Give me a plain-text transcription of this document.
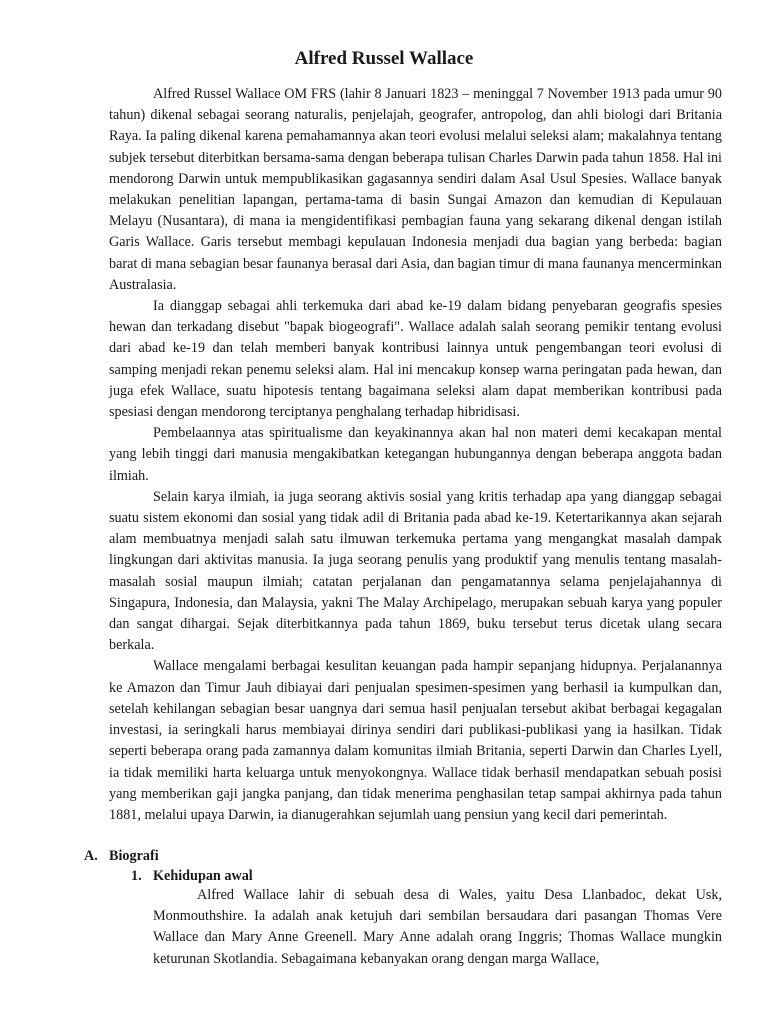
Alfred Russel Wallace

Alfred Russel Wallace OM FRS (lahir 8 Januari 1823 – meninggal 7 November 1913 pada umur 90 tahun) dikenal sebagai seorang naturalis, penjelajah, geografer, antropolog, dan ahli biologi dari Britania Raya. Ia paling dikenal karena pemahamannya akan teori evolusi melalui seleksi alam; makalahnya tentang subjek tersebut diterbitkan bersama-sama dengan beberapa tulisan Charles Darwin pada tahun 1858. Hal ini mendorong Darwin untuk mempublikasikan gagasannya sendiri dalam Asal Usul Spesies. Wallace banyak melakukan penelitian lapangan, pertama-tama di basin Sungai Amazon dan kemudian di Kepulauan Melayu (Nusantara), di mana ia mengidentifikasi pembagian fauna yang sekarang dikenal dengan istilah Garis Wallace. Garis tersebut membagi kepulauan Indonesia menjadi dua bagian yang berbeda: bagian barat di mana sebagian besar faunanya berasal dari Asia, dan bagian timur di mana faunanya mencerminkan Australasia.

Ia dianggap sebagai ahli terkemuka dari abad ke-19 dalam bidang penyebaran geografis spesies hewan dan terkadang disebut "bapak biogeografi". Wallace adalah salah seorang pemikir tentang evolusi dari abad ke-19 dan telah memberi banyak kontribusi lainnya untuk pengembangan teori evolusi di samping menjadi rekan penemu seleksi alam. Hal ini mencakup konsep warna peringatan pada hewan, dan juga efek Wallace, suatu hipotesis tentang bagaimana seleksi alam dapat memberikan kontribusi pada spesiasi dengan mendorong terciptanya penghalang terhadap hibridisasi.

Pembelaannya atas spiritualisme dan keyakinannya akan hal non materi demi kecakapan mental yang lebih tinggi dari manusia mengakibatkan ketegangan hubungannya dengan beberapa anggota badan ilmiah.

Selain karya ilmiah, ia juga seorang aktivis sosial yang kritis terhadap apa yang dianggap sebagai suatu sistem ekonomi dan sosial yang tidak adil di Britania pada abad ke-19. Ketertarikannya akan sejarah alam membuatnya menjadi salah satu ilmuwan terkemuka pertama yang mengangkat masalah dampak lingkungan dari aktivitas manusia. Ia juga seorang penulis yang produktif yang menulis tentang masalah-masalah sosial maupun ilmiah; catatan perjalanan dan pengamatannya selama penjelajahannya di Singapura, Indonesia, dan Malaysia, yakni The Malay Archipelago, merupakan sebuah karya yang populer dan sangat dihargai. Sejak diterbitkannya pada tahun 1869, buku tersebut terus dicetak ulang secara berkala.

Wallace mengalami berbagai kesulitan keuangan pada hampir sepanjang hidupnya. Perjalanannya ke Amazon dan Timur Jauh dibiayai dari penjualan spesimen-spesimen yang berhasil ia kumpulkan dan, setelah kehilangan sebagian besar uangnya dari semua hasil penjualan tersebut akibat berbagai kegagalan investasi, ia seringkali harus membiayai dirinya sendiri dari publikasi-publikasi yang ia hasilkan. Tidak seperti beberapa orang pada zamannya dalam komunitas ilmiah Britania, seperti Darwin dan Charles Lyell, ia tidak memiliki harta keluarga untuk menyokongnya. Wallace tidak berhasil mendapatkan sebuah posisi yang memberikan gaji jangka panjang, dan tidak menerima penghasilan tetap sampai akhirnya pada tahun 1881, melalui upaya Darwin, ia dianugerahkan sejumlah uang pensiun yang kecil dari pemerintah.

A. Biografi
1. Kehidupan awal

Alfred Wallace lahir di sebuah desa di Wales, yaitu Desa Llanbadoc, dekat Usk, Monmouthshire. Ia adalah anak ketujuh dari sembilan bersaudara dari pasangan Thomas Vere Wallace dan Mary Anne Greenell. Mary Anne adalah orang Inggris; Thomas Wallace mungkin keturunan Skotlandia. Sebagaimana kebanyakan orang dengan marga Wallace,
